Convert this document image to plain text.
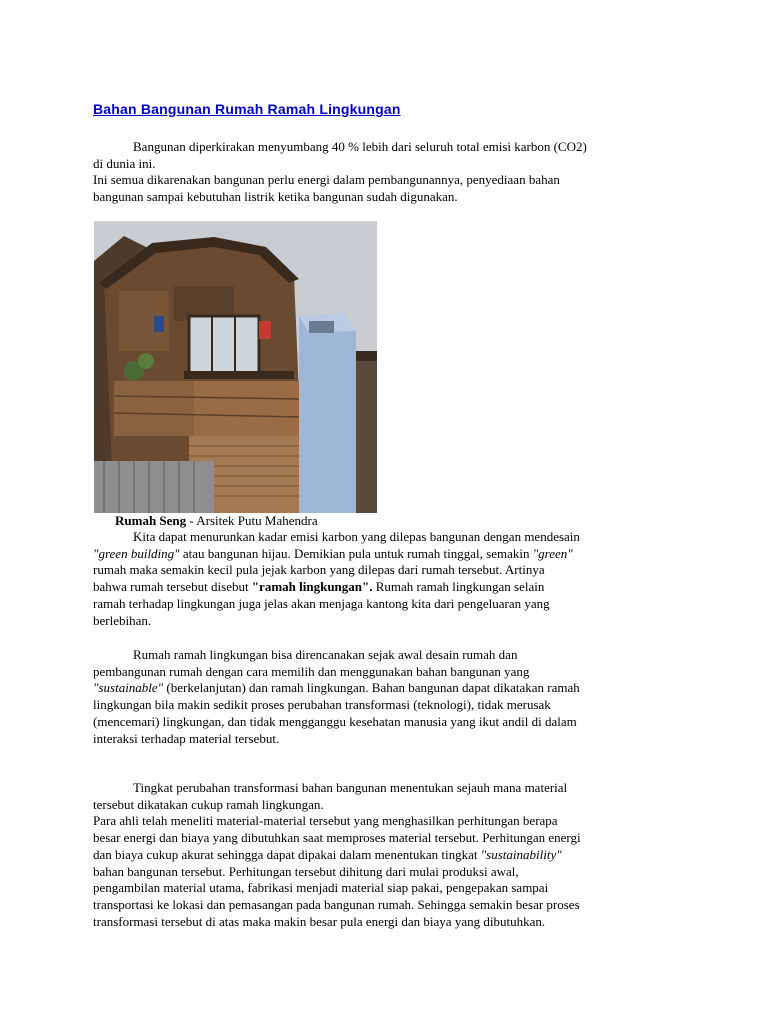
Bahan Bangunan Rumah Ramah Lingkungan
Bangunan diperkirakan menyumbang 40 % lebih dari seluruh total emisi karbon (CO2)
di dunia ini.
Ini semua dikarenakan bangunan perlu energi dalam pembangunannya, penyediaan bahan
bangunan sampai kebutuhan listrik ketika bangunan sudah digunakan.
Rumah Seng - Arsitek Putu Mahendra
Kita dapat menurunkan kadar emisi karbon yang dilepas bangunan dengan mendesain
"green building" atau bangunan hijau. Demikian pula untuk rumah tinggal, semakin "green"
rumah maka semakin kecil pula jejak karbon yang dilepas dari rumah tersebut. Artinya
bahwa rumah tersebut disebut "ramah lingkungan". Rumah ramah lingkungan selain
ramah terhadap lingkungan juga jelas akan menjaga kantong kita dari pengeluaran yang
berlebihan.
Rumah ramah lingkungan bisa direncanakan sejak awal desain rumah dan
pembangunan rumah dengan cara memilih dan menggunakan bahan bangunan yang
"sustainable" (berkelanjutan) dan ramah lingkungan. Bahan bangunan dapat dikatakan ramah
lingkungan bila makin sedikit proses perubahan transformasi (teknologi), tidak merusak
(mencemari) lingkungan, dan tidak mengganggu kesehatan manusia yang ikut andil di dalam
interaksi terhadap material tersebut.
Tingkat perubahan transformasi bahan bangunan menentukan sejauh mana material
tersebut dikatakan cukup ramah lingkungan.
Para ahli telah meneliti material-material tersebut yang menghasilkan perhitungan berapa
besar energi dan biaya yang dibutuhkan saat memproses material tersebut. Perhitungan energi
dan biaya cukup akurat sehingga dapat dipakai dalam menentukan tingkat "sustainability"
bahan bangunan tersebut. Perhitungan tersebut dihitung dari mulai produksi awal,
pengambilan material utama, fabrikasi menjadi material siap pakai, pengepakan sampai
transportasi ke lokasi dan pemasangan pada bangunan rumah. Sehingga semakin besar proses
transformasi tersebut di atas maka makin besar pula energi dan biaya yang dibutuhkan.
